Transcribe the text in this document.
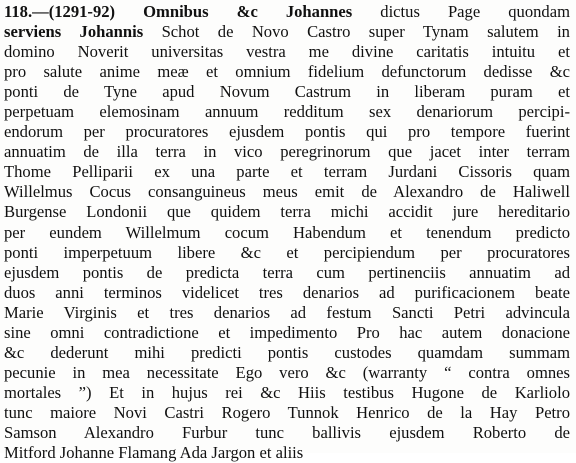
118.—(1291-92) Omnibus &c Johannes dictus Page quondam
serviens Johannis Schot de Novo Castro super Tynam salutem in
domino Noverit universitas vestra me divine caritatis intuitu et
pro salute anime meæ et omnium fidelium defunctorum dedisse &c
ponti de Tyne apud Novum Castrum in liberam puram et
perpetuam elemosinam annuum redditum sex denariorum percipi-
endorum per procuratores ejusdem pontis qui pro tempore fuerint
annuatim de illa terra in vico peregrinorum que jacet inter terram
Thome Pelliparii ex una parte et terram Jurdani Cissoris quam
Willelmus Cocus consanguineus meus emit de Alexandro de Haliwell
Burgense Londonii que quidem terra michi accidit jure hereditario
per eundem Willelmum cocum Habendum et tenendum predicto
ponti imperpetuum libere &c et percipiendum per procuratores
ejusdem pontis de predicta terra cum pertinenciis annuatim ad
duos anni terminos videlicet tres denarios ad purificacionem beate
Marie Virginis et tres denarios ad festum Sancti Petri advincula
sine omni contradictione et impedimento Pro hac autem donacione
&c dederunt mihi predicti pontis custodes quamdam summam
pecunie in mea necessitate Ego vero &c (warranty “ contra omnes
mortales ”) Et in hujus rei &c Hiis testibus Hugone de Karliolo
tunc maiore Novi Castri Rogero Tunnok Henrico de la Hay Petro
Samson Alexandro Furbur tunc ballivis ejusdem Roberto de
Mitford Johanne Flamang Ada Jargon et aliis
